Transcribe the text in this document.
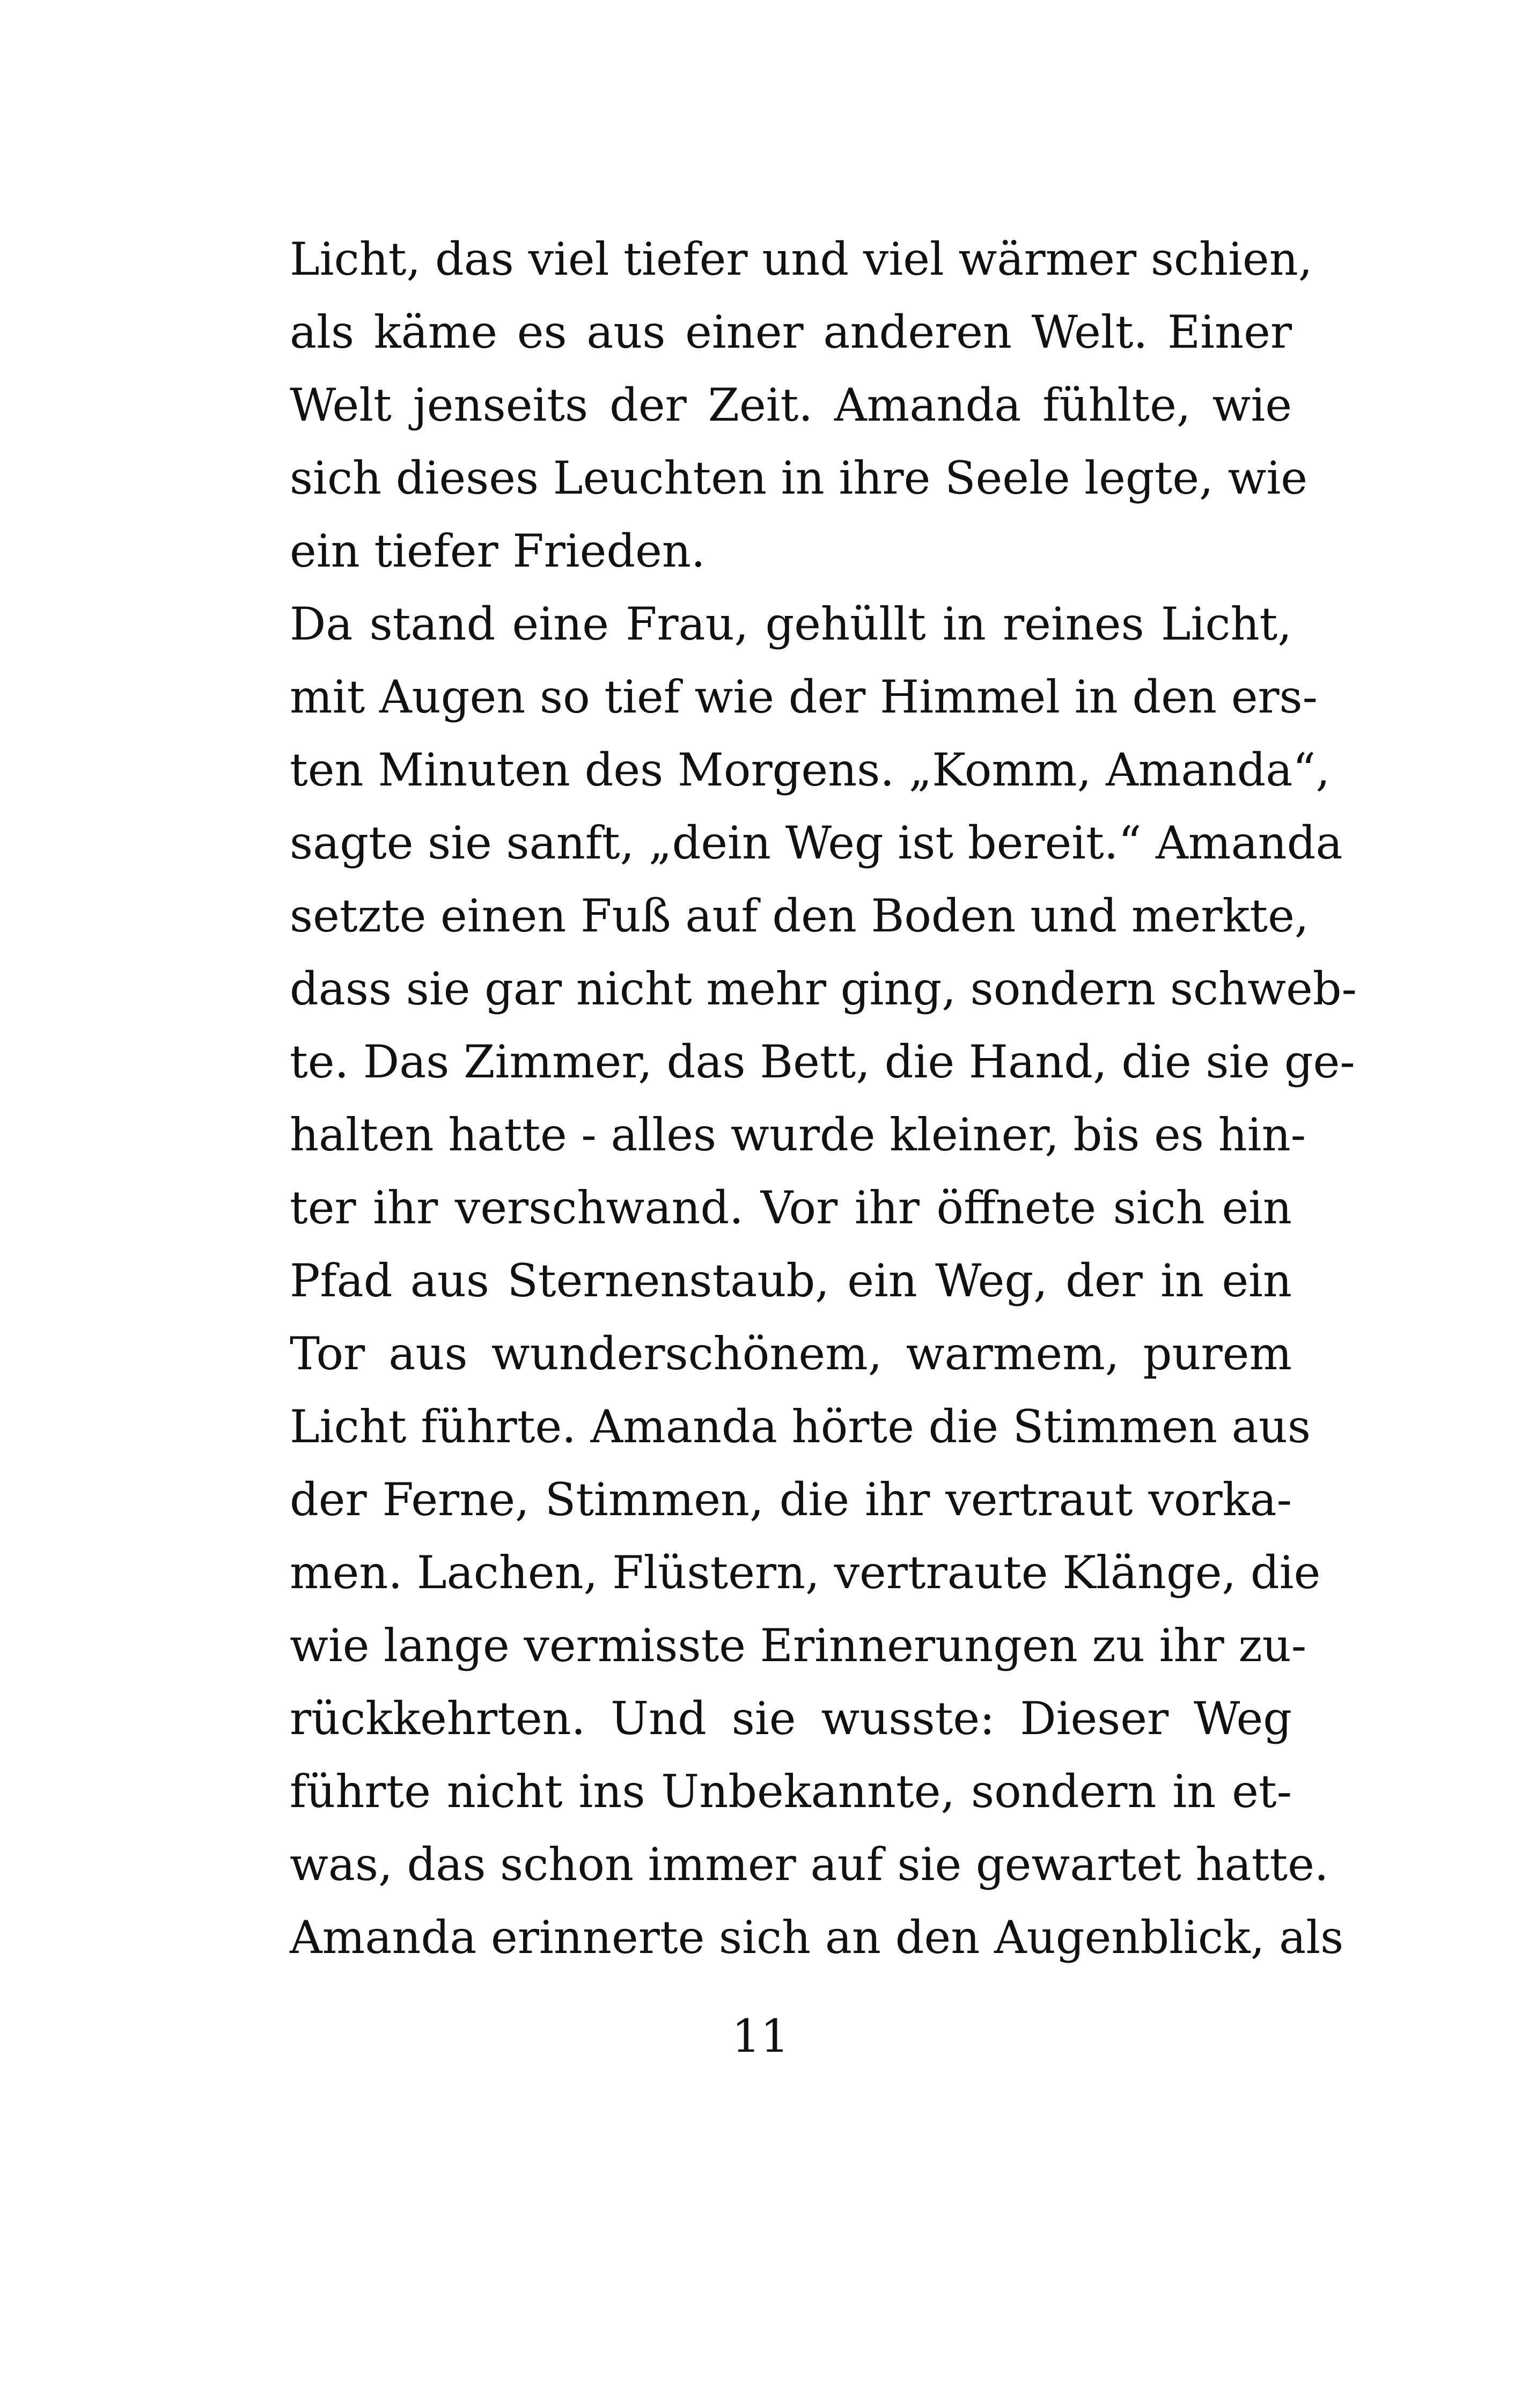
Licht, das viel tiefer und viel wärmer schien,
als käme es aus einer anderen Welt. Einer
Welt jenseits der Zeit. Amanda fühlte, wie
sich dieses Leuchten in ihre Seele legte, wie
ein tiefer Frieden.
Da stand eine Frau, gehüllt in reines Licht,
mit Augen so tief wie der Himmel in den ers-
ten Minuten des Morgens. „Komm, Amanda“,
sagte sie sanft, „dein Weg ist bereit.“ Amanda
setzte einen Fuß auf den Boden und merkte,
dass sie gar nicht mehr ging, sondern schweb-
te. Das Zimmer, das Bett, die Hand, die sie ge-
halten hatte - alles wurde kleiner, bis es hin-
ter ihr verschwand. Vor ihr öffnete sich ein
Pfad aus Sternenstaub, ein Weg, der in ein
Tor aus wunderschönem, warmem, purem
Licht führte. Amanda hörte die Stimmen aus
der Ferne, Stimmen, die ihr vertraut vorka-
men. Lachen, Flüstern, vertraute Klänge, die
wie lange vermisste Erinnerungen zu ihr zu-
rückkehrten. Und sie wusste: Dieser Weg
führte nicht ins Unbekannte, sondern in et-
was, das schon immer auf sie gewartet hatte.
Amanda erinnerte sich an den Augenblick, als
11
